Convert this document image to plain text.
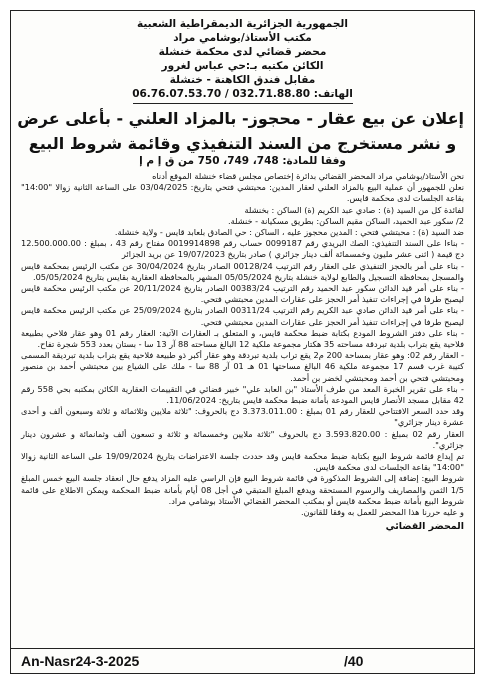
الجمهورية الجزائرية الديمقراطية الشعبية
مكتب الأستاذ/بوشامي مراد
محضر قضائي لدى محكمة خنشلة
الكائن مكتبه بـ:حي عباس لغرور
مقابل فندق الكاهنة - خنشلة
الهاتف: 032.71.88.80 / 06.76.07.53.70
إعلان عن بيع عقار - محجوز- بالمزاد العلني - بأعلى عرض
و نشر مستخرج من السند التنفيذي وقائمة شروط البيع
وفقا للمادة: 748، 749، 750 من ق إ م إ

نحن الأستاذ/بوشامي مراد المحضر القضائي بدائرة إختصاص مجلس قضاء خنشلة الموقع أدناه

نعلن للجمهور أن عملية البيع بالمزاد العلني لعقار المدين: محبتشي فتحي بتاريخ: 03/04/2025 على الساعة الثانية زوالا "14:00" بقاعة الجلسات لدى محكمة قايس.

لفائدة كل من السيد (ة) : صادي عبد الكريم (ة) الساكن : بخنشلة

2/ سكور عبد الحميد، الساكن مقيم الساكن: بطريق مسكيانة - خنشلة.

ضد السيد (ة) : محبتشي فتحي : المدين محجوز عليه ، الساكن : حي الصادق بلعابد قايس - ولاية خنشلة.

- بناءا على السند التنفيذي: الصك البريدي رقم 0099187 حساب رقم 0019914898 مفتاح رقم 43 ، بمبلغ : 12.500.000.00 دج قيمة ( اثنى عشر مليون وخمسمائة ألف دينار جزائري ) صادر بتاريخ 19/07/2023 عن بريد الجزائر

- بناء على أمر بالحجز التنفيذي على العقار رقم الترتيب 00128/24 الصادر بتاريخ 30/04/2024 عن مكتب الرئيس بمحكمة قايس والمسجل بمحافظة التسجيل والطابع لولاية خنشلة بتاريخ 05/05/2024 المشهر بالمحافظة العقارية بقايس بتاريخ 05/05/2024.

- بناء على أمر قيد الدائن سكور عبد الحميد رقم الترتيب 00383/24 الصادر بتاريخ 20/11/2024 عن مكتب الرئيس محكمة قايس ليصبح طرفا في إجراءات تنفيذ أمر الحجز على عقارات المدين محبتشي فتحي.

- بناء على أمر قيد الدائن صادي عبد الكريم رقم الترتيب 00311/24 الصادر بتاريخ 25/09/2024 عن مكتب الرئيس محكمة قايس ليصبح طرفا في إجراءات تنفيذ أمر الحجز على عقارات المدين محبتشي فتحي.

- بناء على دفتر الشروط المودع بكتابة ضبط محكمة قايس، و المتعلق بـ العقارات الآتية: العقار رقم 01 وهو عقار فلاحي بطبيعة فلاحية يقع بتراب بلدية تبردقة مساحته 35 هكتار مجموعة ملكية 12 البالغ مساحته 88 آر 13 سا - بستان بعدد 553 شجرة تفاح.

- العقار رقم 02: وهو عقار بمساحة 200 م2 يقع تراب بلدية تبردقة وهو عقار أكبر ذو طبيعة فلاحية يقع بتراب بلدية تبرديقة المسمى كتيبة غرب قسم 17 مجموعة ملكية 46 البالغ مساحتها 01 هـ 01 آر 88 سا - ملك على الشياع بين محبتشي أحمد بن منصور ومحبتشي فتحي بن أحمد ومحبتشي لخضر بن أحمد.

- بناء على تقرير الخبرة المعد من طرف الأستاذ "بن العابد علي" خبير قضائي في التقييمات العقارية الكائن بمكتبه بحي 558 رقم 42 مقابل مسجد الأنصار قايس المودعة بأمانة ضبط محكمة قايس بتاريخ: 11/06/2024.

وقد حدد السعر الافتتاحي للعقار رقم 01 بمبلغ : 3.373.011.00 دج بالحروف: "ثلاثة ملايين وثلاثمائة و ثلاثة وسبعون ألف و أحدى عشرة دينار جزائري"

العقار رقم 02 بمبلغ : 3.593.820.00 دج بالحروف "ثلاثة ملايين وخمسمائة و ثلاثة و تسعون ألف وثمانمائة و عشرون دينار جزائري".

تم إيداع قائمة شروط البيع بكتابة ضبط محكمة قايس وقد حددت جلسة الاعتراضات بتاريخ 19/09/2024 على الساعة الثانية زوالا "14:00" بقاعة الجلسات لدى محكمة قايس.

شروط البيع: إضافة إلى الشروط المذكورة في قائمة شروط البيع فإن الراسي عليه المزاد يدفع حال انعقاد جلسة البيع خمس المبلغ 1/5 الثمن والمصاريف والرسوم المستحقة ويدفع المبلغ المتبقي في أجل 08 أيام بأمانة ضبط المحكمة ويمكن الاطلاع على قائمة شروط البيع بأمانة ضبط محكمة قايس أو بمكتب المحضر القضائي الأستاذ بوشامي مراد.

و عليه حررنا هذا المحضر للعمل به وفقا للقانون.

المحضر القضائي

An-Nasr24-3-2025	/40
